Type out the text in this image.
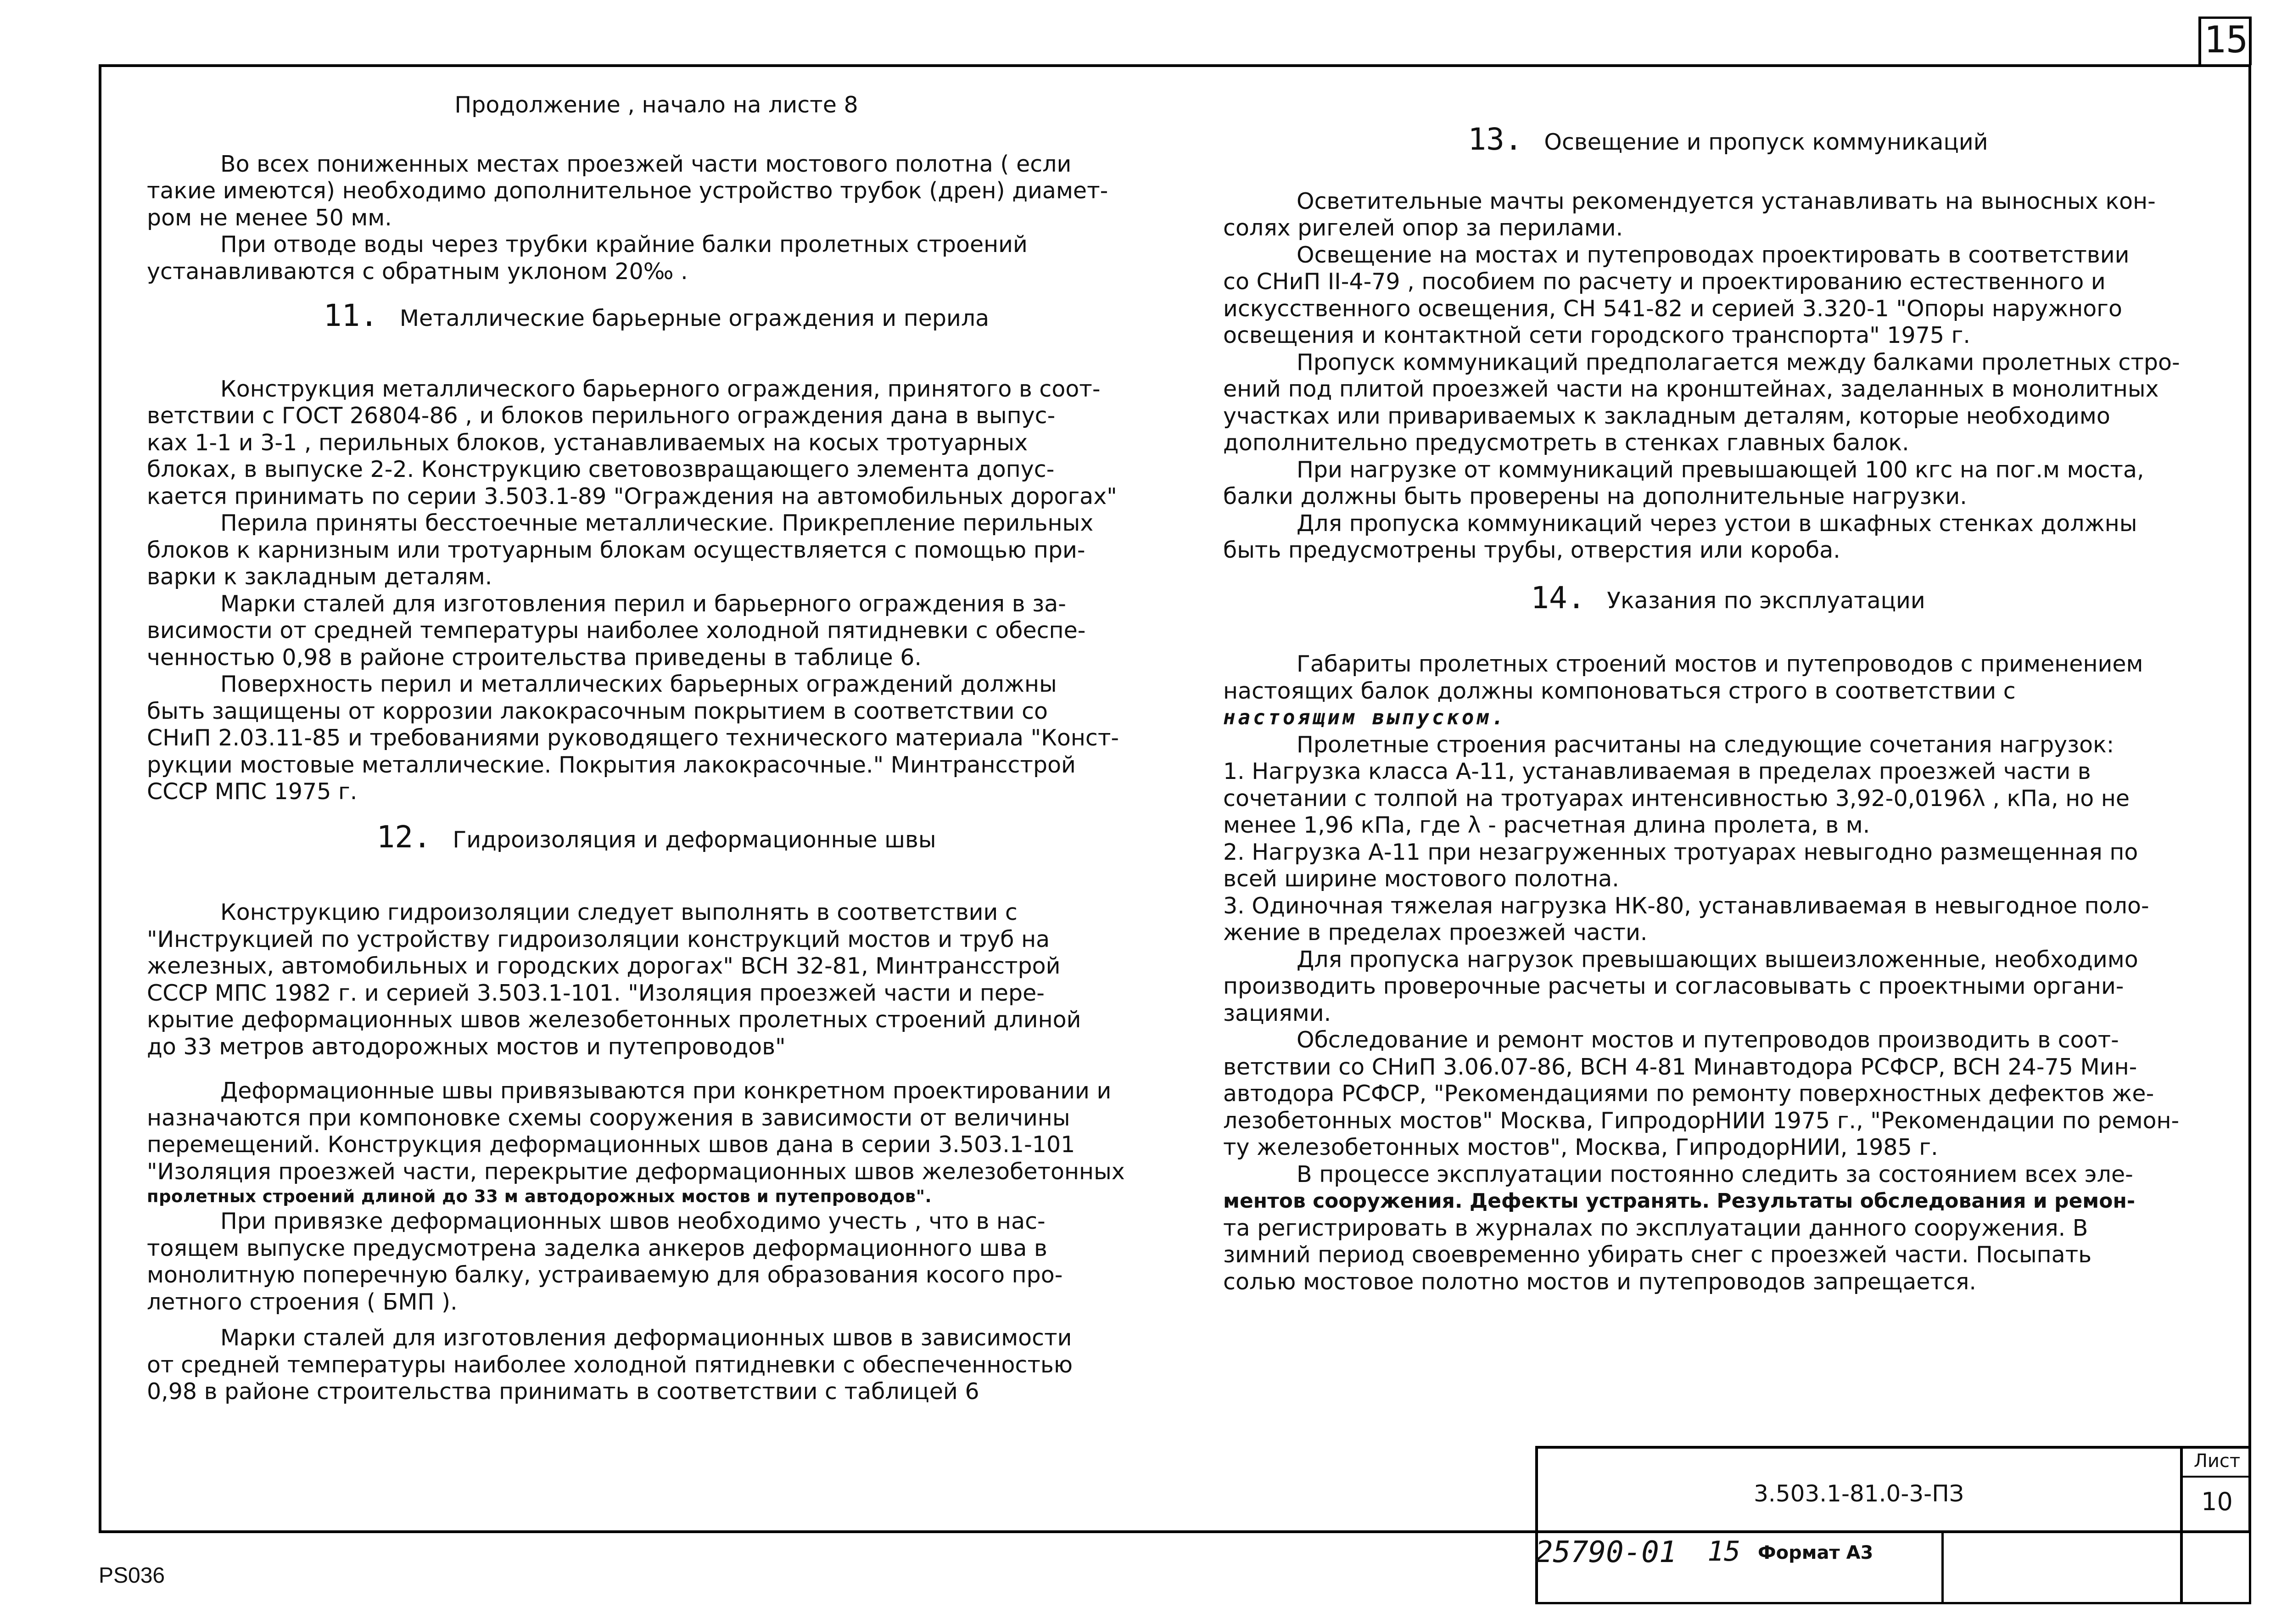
15

Продолжение , начало на листе 8

Во всех пониженных местах проезжей части мостового полотна ( если

такие имеются) необходимо дополнительное устройство трубок (дрен) диамет-

ром не менее 50 мм.

При отводе воды через трубки крайние балки пролетных строений

устанавливаются с обратным уклоном 20‰ .

11. Металлические барьерные ограждения и перила

Конструкция металлического барьерного ограждения, принятого в соот-

ветствии с ГОСТ 26804-86 , и блоков перильного ограждения дана в выпус-

ках 1-1 и 3-1 , перильных блоков, устанавливаемых на косых тротуарных

блоках, в выпуске 2-2. Конструкцию световозвращающего элемента допус-

кается принимать по серии 3.503.1-89 "Ограждения на автомобильных дорогах"

Перила приняты бесстоечные металлические. Прикрепление перильных

блоков к карнизным или тротуарным блокам осуществляется с помощью при-

варки к закладным деталям.

Марки сталей для изготовления перил и барьерного ограждения в за-

висимости от средней температуры наиболее холодной пятидневки с обеспе-

ченностью 0,98 в районе строительства приведены в таблице 6.

Поверхность перил и металлических барьерных ограждений должны

быть защищены от коррозии лакокрасочным покрытием в соответствии со

СНиП 2.03.11-85 и требованиями руководящего технического материала "Конст-

рукции мостовые металлические. Покрытия лакокрасочные." Минтрансстрой

СССР МПС 1975 г.

12. Гидроизоляция и деформационные швы

Конструкцию гидроизоляции следует выполнять в соответствии с

"Инструкцией по устройству гидроизоляции конструкций мостов и труб на

железных, автомобильных и городских дорогах" ВСН 32-81, Минтрансстрой

СССР МПС 1982 г. и серией 3.503.1-101. "Изоляция проезжей части и пере-

крытие деформационных швов железобетонных пролетных строений длиной

до 33 метров автодорожных мостов и путепроводов"

Деформационные швы привязываются при конкретном проектировании и

назначаются при компоновке схемы сооружения в зависимости от величины

перемещений. Конструкция деформационных швов дана в серии 3.503.1-101

"Изоляция проезжей части, перекрытие деформационных швов железобетонных

пролетных строений длиной до 33 м автодорожных мостов и путепроводов".

При привязке деформационных швов необходимо учесть , что в нас-

тоящем выпуске предусмотрена заделка анкеров деформационного шва в

монолитную поперечную балку, устраиваемую для образования косого про-

летного строения ( БМП ).

Марки сталей для изготовления деформационных швов в зависимости

от средней температуры наиболее холодной пятидневки с обеспеченностью

0,98 в районе строительства принимать в соответствии с таблицей 6

13. Освещение и пропуск коммуникаций

Осветительные мачты рекомендуется устанавливать на выносных кон-

солях ригелей опор за перилами.

Освещение на мостах и путепроводах проектировать в соответствии

со СНиП II-4-79 , пособием по расчету и проектированию естественного и

искусственного освещения, СН 541-82 и серией 3.320-1 "Опоры наружного

освещения и контактной сети городского транспорта" 1975 г.

Пропуск коммуникаций предполагается между балками пролетных стро-

ений под плитой проезжей части на кронштейнах, заделанных в монолитных

участках или привариваемых к закладным деталям, которые необходимо

дополнительно предусмотреть в стенках главных балок.

При нагрузке от коммуникаций превышающей 100 кгс на пог.м моста,

балки должны быть проверены на дополнительные нагрузки.

Для пропуска коммуникаций через устои в шкафных стенках должны

быть предусмотрены трубы, отверстия или короба.

14. Указания по эксплуатации

Габариты пролетных строений мостов и путепроводов с применением

настоящих балок должны компоноваться строго в соответствии с

настоящим выпуском.

Пролетные строения расчитаны на следующие сочетания нагрузок:

1. Нагрузка класса А-11, устанавливаемая в пределах проезжей части в

сочетании с толпой на тротуарах интенсивностью 3,92-0,0196λ , кПа, но не

менее 1,96 кПа, где λ - расчетная длина пролета, в м.

2. Нагрузка А-11 при незагруженных тротуарах невыгодно размещенная по

всей ширине мостового полотна.

3. Одиночная тяжелая нагрузка НК-80, устанавливаемая в невыгодное поло-

жение в пределах проезжей части.

Для пропуска нагрузок превышающих вышеизложенные, необходимо

производить проверочные расчеты и согласовывать с проектными органи-

зациями.

Обследование и ремонт мостов и путепроводов производить в соот-

ветствии со СНиП 3.06.07-86, ВСН 4-81 Минавтодора РСФСР, ВСН 24-75 Мин-

автодора РСФСР, "Рекомендациями по ремонту поверхностных дефектов же-

лезобетонных мостов" Москва, ГипродорНИИ 1975 г., "Рекомендации по ремон-

ту железобетонных мостов", Москва, ГипродорНИИ, 1985 г.

В процессе эксплуатации постоянно следить за состоянием всех эле-

ментов сооружения. Дефекты устранять. Результаты обследования и ремон-

та регистрировать в журналах по эксплуатации данного сооружения. В

зимний период своевременно убирать снег с проезжей части. Посыпать

солью мостовое полотно мостов и путепроводов запрещается.

3.503.1-81.0-3-ПЗ
Лист
10
25790-01 15 Формат А3
PS036
